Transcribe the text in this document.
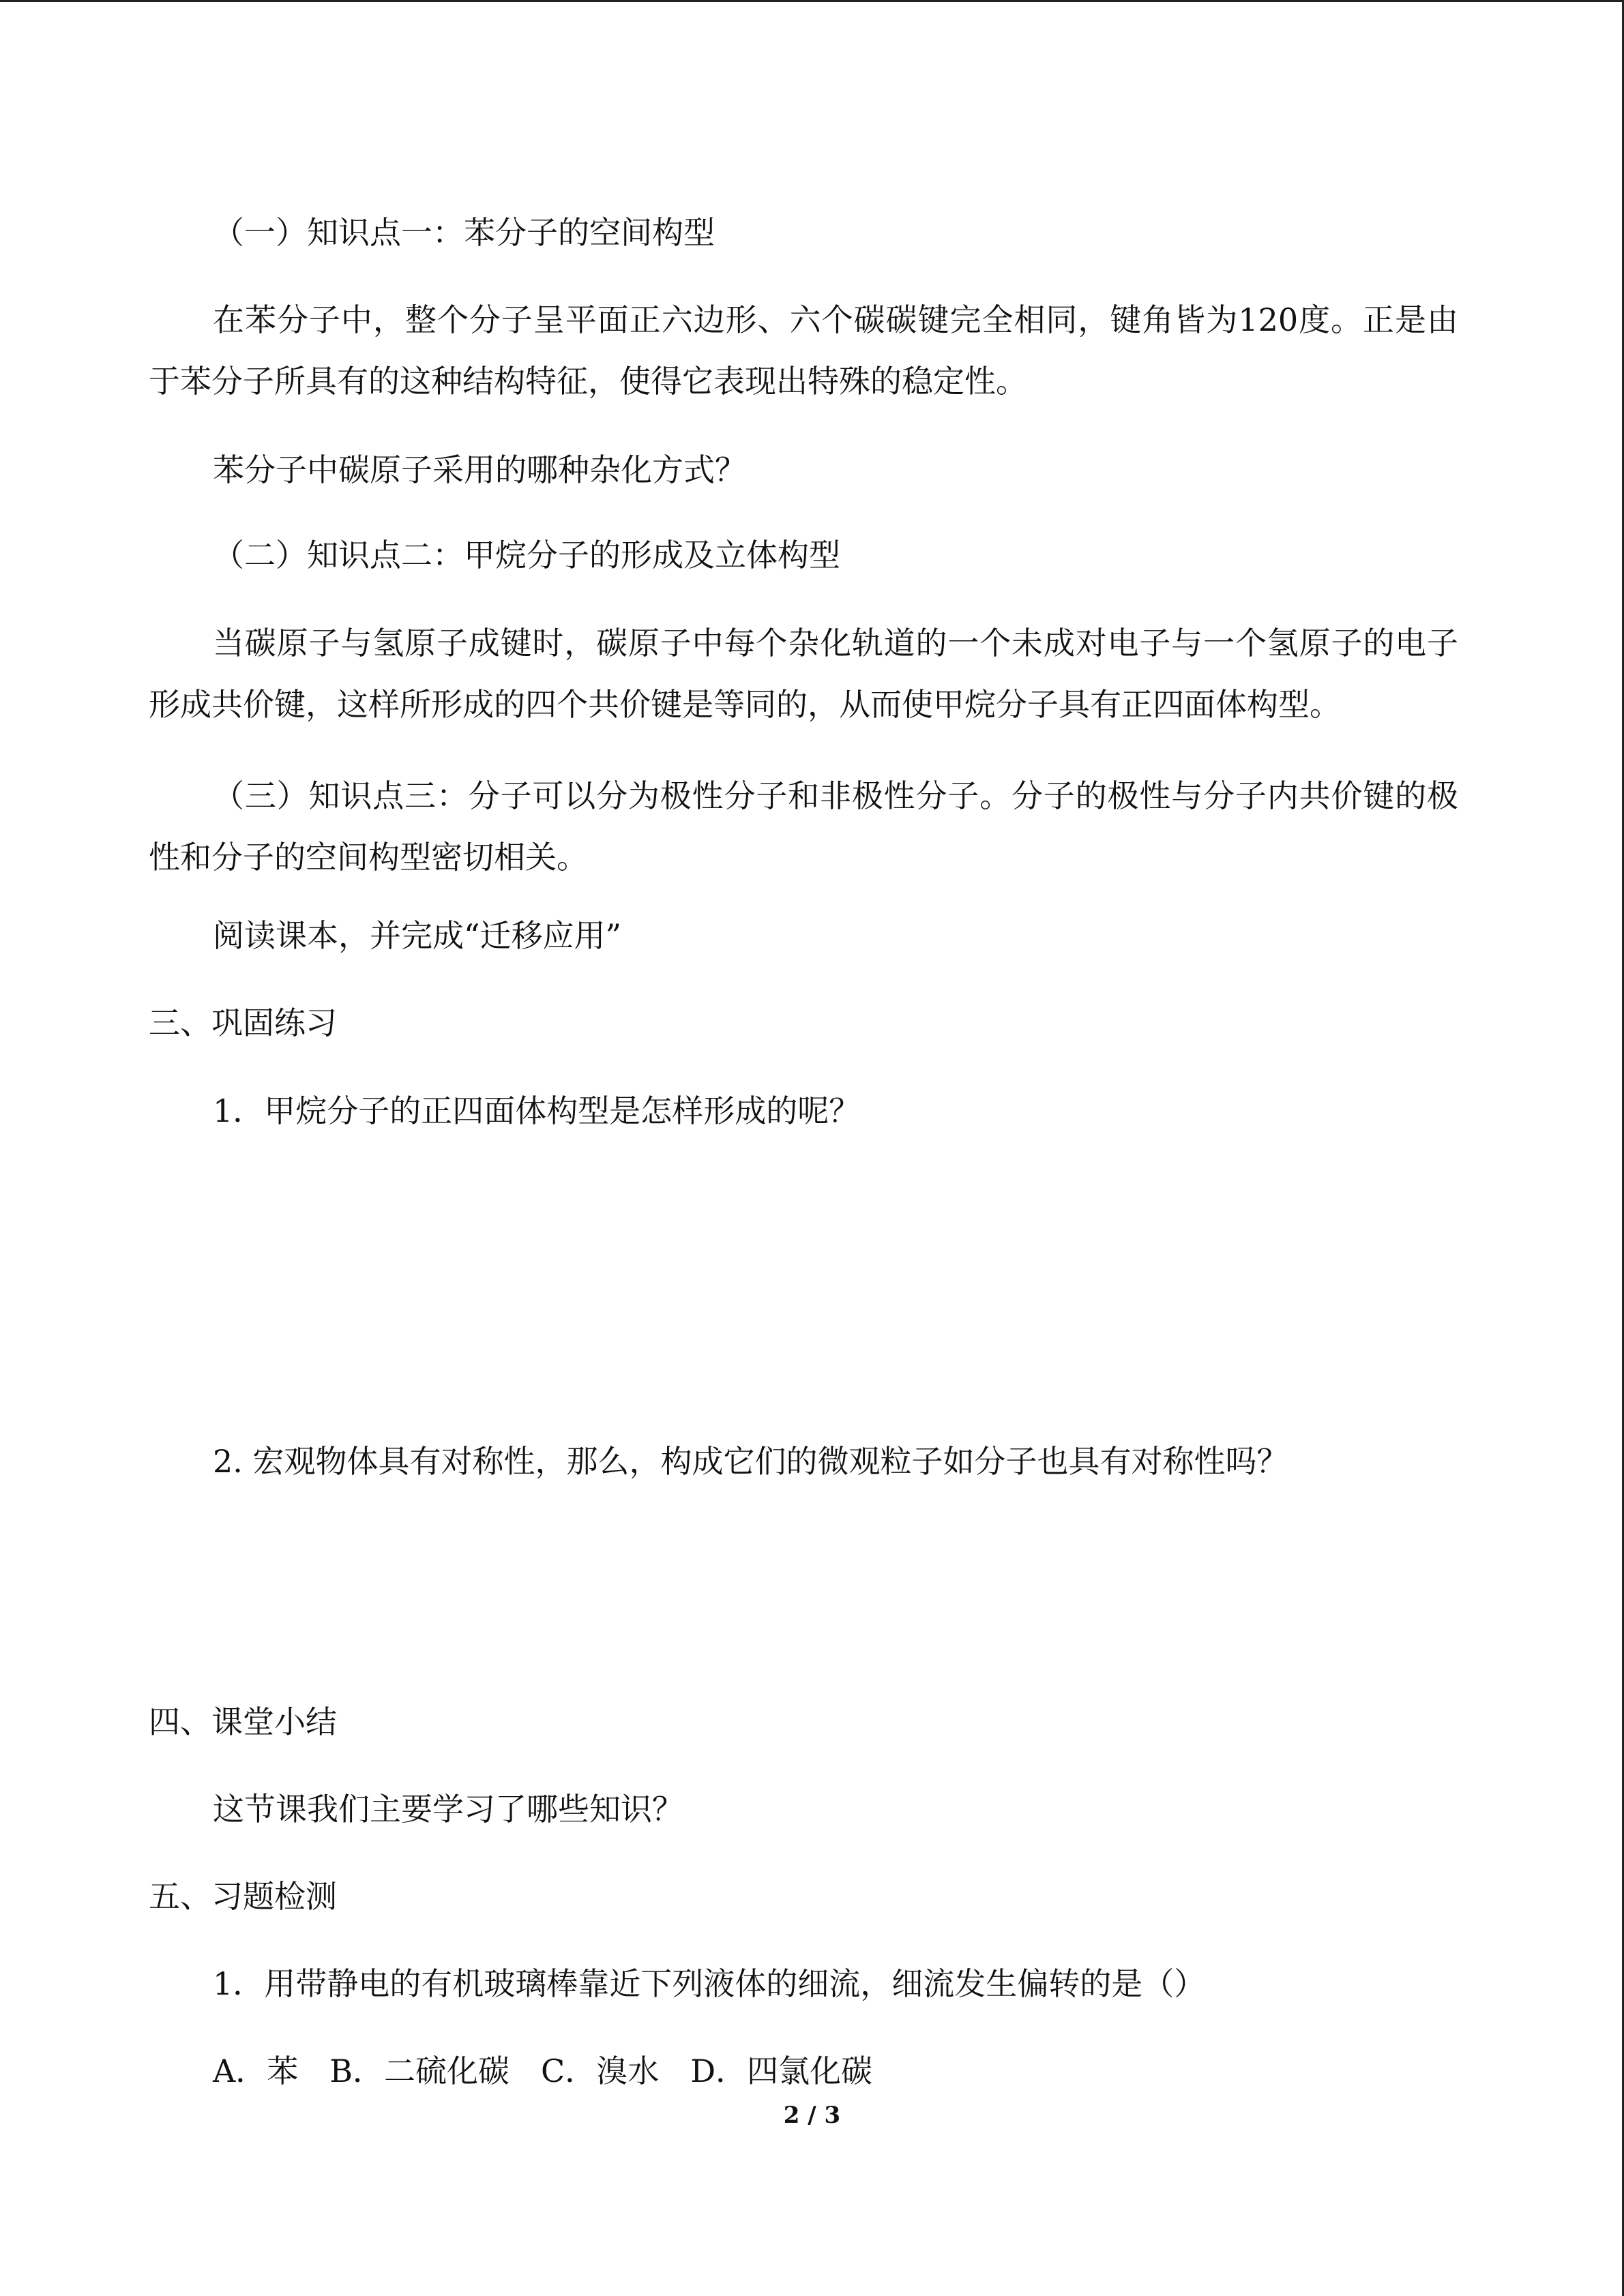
（一）知识点一：苯分子的空间构型
在苯分子中，整个分子呈平面正六边形、六个碳碳键完全相同，键角皆为120度。正是由于苯分子所具有的这种结构特征，使得它表现出特殊的稳定性。
苯分子中碳原子采用的哪种杂化方式？
（二）知识点二：甲烷分子的形成及立体构型
当碳原子与氢原子成键时，碳原子中每个杂化轨道的一个未成对电子与一个氢原子的电子形成共价键，这样所形成的四个共价键是等同的，从而使甲烷分子具有正四面体构型。
（三）知识点三：分子可以分为极性分子和非极性分子。分子的极性与分子内共价键的极性和分子的空间构型密切相关。
阅读课本，并完成“迁移应用”
三、巩固练习
1．甲烷分子的正四面体构型是怎样形成的呢？
2. 宏观物体具有对称性，那么，构成它们的微观粒子如分子也具有对称性吗？
四、课堂小结
这节课我们主要学习了哪些知识？
五、习题检测
1．用带静电的有机玻璃棒靠近下列液体的细流，细流发生偏转的是（）
A．苯　B．二硫化碳　C．溴水　D．四氯化碳
2 / 3
